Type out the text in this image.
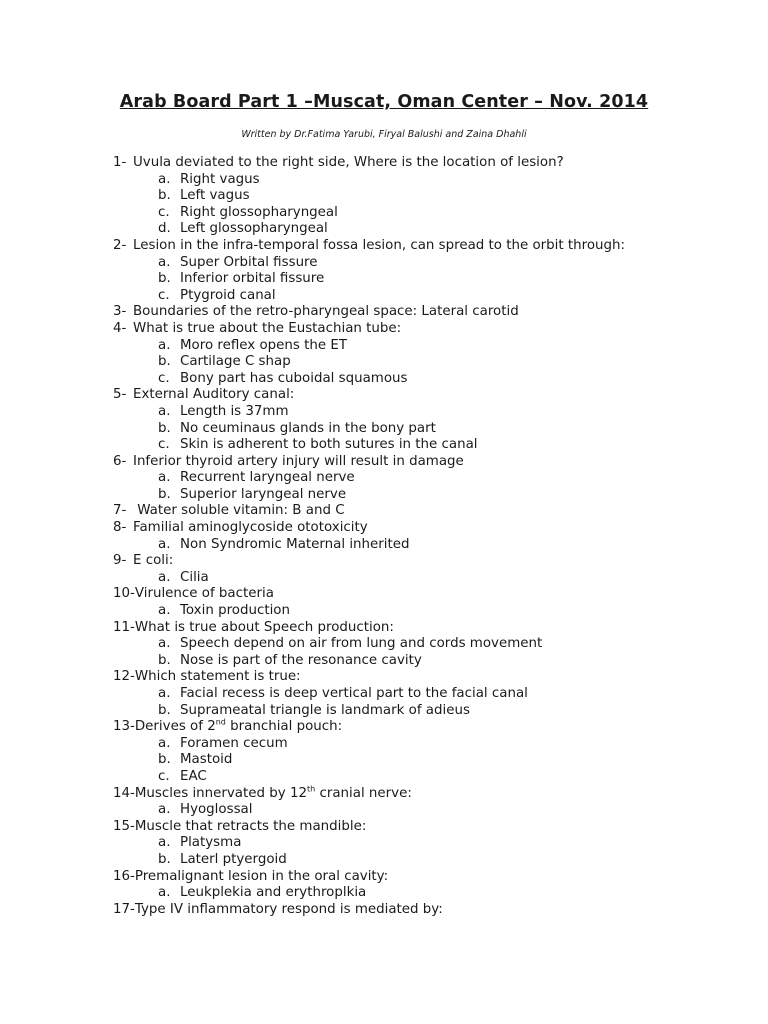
Arab Board Part 1 –Muscat, Oman Center – Nov. 2014
Written by Dr.Fatima Yarubi, Firyal Balushi and Zaina Dhahli
1- Uvula deviated to the right side, Where is the location of lesion?
a. Right vagus
b. Left vagus
c. Right glossopharyngeal
d. Left glossopharyngeal
2- Lesion in the infra-temporal fossa lesion, can spread to the orbit through:
a. Super Orbital fissure
b. Inferior orbital fissure
c. Ptygroid canal
3- Boundaries of the retro-pharyngeal space: Lateral carotid
4- What is true about the Eustachian tube:
a. Moro reflex opens the ET
b. Cartilage C shap
c. Bony part has cuboidal squamous
5- External Auditory canal:
a. Length is 37mm
b. No ceuminaus glands in the bony part
c. Skin is adherent to both sutures in the canal
6- Inferior thyroid artery injury will result in damage
a. Recurrent laryngeal nerve
b. Superior laryngeal nerve
7- Water soluble vitamin: B and C
8- Familial aminoglycoside ototoxicity
a. Non Syndromic Maternal inherited
9- E coli:
a. Cilia
10- Virulence of bacteria
a. Toxin production
11- What is true about Speech production:
a. Speech depend on air from lung and cords movement
b. Nose is part of the resonance cavity
12- Which statement is true:
a. Facial recess is deep vertical part to the facial canal
b. Suprameatal triangle is landmark of adieus
13- Derives of 2nd branchial pouch:
a. Foramen cecum
b. Mastoid
c. EAC
14- Muscles innervated by 12th cranial nerve:
a. Hyoglossal
15- Muscle that retracts the mandible:
a. Platysma
b. Laterl ptyergoid
16- Premalignant lesion in the oral cavity:
a. Leukplekia and erythroplkia
17- Type IV inflammatory respond is mediated by:
